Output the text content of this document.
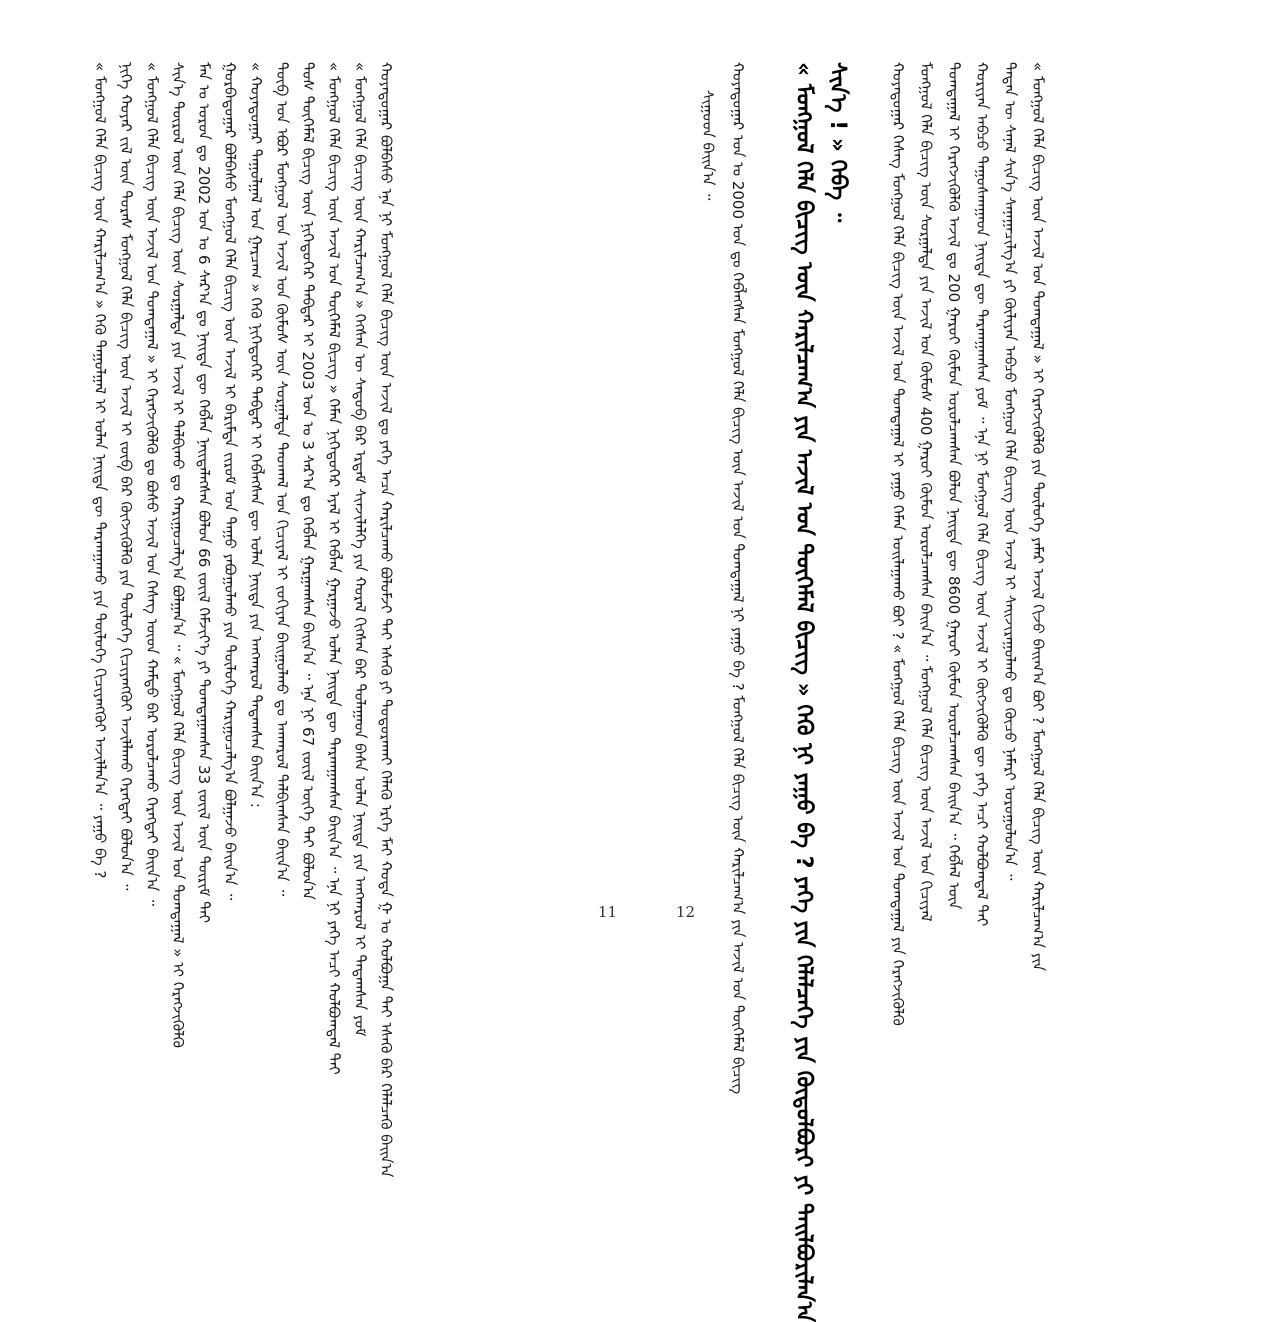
« ᠮᠣᠩᠭᠣᠯ ᠬᠡᠯᠡ ᠪᠢᠴᠢᠭ ᠦᠨ ᠬᠠᠷᠢᠯᠴᠠᠭ᠎ᠠ » ᠭᠡᠬᠦ ᠳᠠᠭᠤᠯᠭᠠᠯ ᠢ ᠣᠯᠠᠨ ᠨᠡᠢᠲᠡ ᠳᠦ ᠲᠠᠷᠬᠠᠭᠠᠬᠤ ᠶᠢᠨ ᠲᠥᠯᠥᠭᠡ ᠬᠢᠴᠢᠶᠡᠩᠭᠦᠢ ᠠᠵᠢᠯᠯᠠᠨ᠎ᠠ ᠃ ᠶᠠᠭᠤ ᠪᠡ ? ᠨᠢᠭᠡ ᠬᠣᠶᠠᠷ ᠵᠢᠯ ᠦᠨ ᠳᠤᠷᠠᠰ ᠮᠣᠩᠭᠣᠯ ᠬᠡᠯᠡ ᠪᠢᠴᠢᠭ ᠦᠨ ᠠᠵᠢᠯ ᠢ ᠵᠥᠪ ᠪᠡᠷ ᠬᠥᠭᠵᠢᠭᠦᠯᠬᠦ ᠶᠢᠨ ᠲᠥᠯᠥᠭᠡ ᠬᠢᠴᠢᠶᠡᠩᠭᠦᠢ ᠠᠵᠢᠯᠯᠠᠬᠤ ᠬᠡᠷᠡᠭᠲᠡᠢ ᠪᠣᠯᠤᠨ᠎ᠠ ᠃ « ᠮᠣᠩᠭᠣᠯ ᠬᠡᠯᠡ ᠪᠢᠴᠢᠭ ᠦᠨ ᠠᠵᠢᠯ ᠤᠨ ᠲᠣᠭᠲᠠᠭᠠᠯ » ᠢ ᠬᠡᠷᠡᠭᠵᠢᠭᠦᠯᠬᠦ ᠳᠤ ᠪᠤᠰᠤ ᠠᠵᠢᠯ ᠤᠨ ᠬᠡᠰᠡᠭ ᠦᠳ ᠬᠠᠮᠲᠤ ᠪᠠᠷ ᠣᠷᠣᠯᠴᠠᠬᠤ ᠬᠡᠷᠡᠭᠲᠡᠢ ᠪᠠᠢᠨ᠎ᠠ ᠃ ᠰᠢᠨ᠎ᠡ ᠲᠥᠷᠥᠯ ᠦᠨ ᠬᠡᠯᠡ ᠪᠢᠴᠢᠭ ᠦᠨ ᠰᠤᠷᠭᠠᠯᠲᠠ ᠶᠢᠨ ᠠᠵᠢᠯ ᠢ ᠲᠠᠯᠪᠢᠬᠤ ᠳᠤ ᠬᠠᠷᠢᠭᠤᠴᠠᠯᠭ᠎ᠠ ᠪᠣᠯᠭᠠᠨ᠎ᠠ ᠃ « ᠮᠣᠩᠭᠣᠯ ᠬᠡᠯᠡ ᠪᠢᠴᠢᠭ ᠦᠨ ᠠᠵᠢᠯ ᠤᠨ ᠲᠣᠭᠲᠠᠭᠠᠯ » ᠢ ᠬᠡᠷᠡᠭᠵᠢᠭᠦᠯᠬᠦ ᠮᠠᠨ ᠤ ᠣᠷᠣᠨ ᠳᠤ 2002 ᠣᠨ ᠤ 6 ᠰᠠᠷ᠎ᠠ ᠳᠤ ᠨᠡᠢᠲᠡ ᠳᠦ ᠬᠡᠪᠯᠡᠨ ᠨᠡᠢᠲᠡᠯᠡᠭᠰᠡᠨ ᠪᠣᠯᠤᠨ 66 ᠵᠦᠢᠯ ᠬᠡᠮᠵᠢᠶ᠎ᠡ ᠶᠢ ᠲᠣᠭᠲᠠᠭᠠᠭᠰᠠᠨ 33 ᠵᠦᠢᠯ ᠦᠨ ᠳᠦᠷᠢᠮ ᠲᠠᠢ ᠭᠤᠷᠪᠠᠳᠤᠭᠠᠷ ᠪᠣᠯᠪᠠᠰᠤ ᠮᠣᠩᠭᠣᠯ ᠬᠡᠯᠡ ᠪᠢᠴᠢᠭ ᠦᠨ ᠠᠵᠢᠯ ᠢ ᠪᠠᠷᠢᠮᠲᠠ ᠵᠢᠷᠤᠮ ᠤᠨ ᠳᠠᠭᠤ ᠶᠠᠪᠤᠭᠤᠯᠬᠤ ᠶᠢᠨ ᠲᠥᠯᠥᠭᠡ ᠬᠠᠷᠢᠭᠤᠴᠠᠯᠭ᠎ᠠ ᠪᠣᠯᠭᠠᠵᠤ ᠪᠠᠢᠨ᠎ᠠ ᠃ « ᠬᠣᠶᠠᠳᠤᠭᠠᠷ ᠳᠠᠭᠤᠯᠭᠠᠯ ᠤᠨ ᠭᠠᠷᠴᠠᠭ » ᠭᠡᠬᠦ ᠨᠢᠭᠡᠳᠦᠭᠡᠷ ᠳᠡᠪᠲᠡᠷ ᠢ ᠬᠡᠪᠯᠡᠭᠰᠡᠨ ᠳᠦ ᠣᠯᠠᠨ ᠨᠡᠢᠲᠡ ᠶᠢᠨ ᠠᠨᠭᠬᠠᠷᠤᠯ ᠲᠠᠲᠠᠭᠰᠠᠨ ᠪᠠᠢᠨ᠎ᠠ : ᠲᠦᠪ ᠤᠨ ᠡᠪᠦᠷ ᠮᠣᠩᠭᠣᠯ ᠤᠨ ᠠᠵᠢᠯ ᠤᠨ ᠬᠦᠮᠦᠰ ᠦᠨ ᠰᠤᠷᠭᠠᠯᠲᠠ ᠳᠠᠳᠬᠠᠯ ᠤᠨ ᠬᠢᠴᠢᠶᠡᠯ ᠢ ᠵᠣᠬᠢᠶᠠᠨ ᠪᠠᠢᠭᠤᠯᠬᠤ ᠳᠤ ᠠᠨᠬᠠᠷᠤᠯ ᠲᠠᠯᠪᠢᠭᠰᠠᠨ ᠪᠠᠢᠨ᠎ᠠ ᠃ ᠲᠤᠰ ᠲᠦᠭᠡᠮᠡᠯ ᠪᠢᠴᠢᠭ ᠦᠨ ᠨᠢᠭᠡᠳᠦᠭᠡᠷ ᠳᠡᠪᠲᠡᠷ ᠢ 2003 ᠣᠨ ᠤ 3 ᠰᠠᠷ᠎ᠠ ᠳᠤ ᠬᠡᠪᠯᠡᠨ ᠭᠠᠷᠭᠠᠭᠰᠠᠨ ᠪᠠᠢᠨ᠎ᠠ ᠃ ᠡᠨᠡ ᠨᠢ 67 ᠵᠦᠢᠯ ᠦᠭᠡ ᠲᠠᠢ ᠪᠣᠯᠤᠨ᠎ᠠ « ᠮᠣᠩᠭᠣᠯ ᠬᠡᠯᠡ ᠪᠢᠴᠢᠭ ᠦᠨ ᠠᠵᠢᠯ ᠤᠨ ᠲᠦᠭᠡᠮᠡᠯ ᠪᠢᠴᠢᠭ » ᠬᠡᠮᠡᠨ ᠨᠢᠭᠡᠳᠦᠭᠡᠷ ᠡᠶᠡᠯ ᠢ ᠬᠡᠪᠯᠡᠨ ᠭᠠᠷᠭᠠᠵᠤ ᠣᠯᠠᠨ ᠨᠡᠢᠲᠡ ᠳᠦ ᠲᠠᠷᠬᠠᠭᠠᠭᠰᠠᠨ ᠪᠠᠢᠨ᠎ᠠ ᠃ ᠡᠨᠡ ᠨᠢ ᠶᠡᠬᠡ ᠠᠴᠢ ᠬᠣᠯᠪᠣᠭᠳᠠᠯ ᠲᠠᠢ « ᠮᠣᠩᠭᠣᠯ ᠬᠡᠯᠡ ᠪᠢᠴᠢᠭ ᠦᠨ ᠬᠠᠷᠢᠯᠴᠠᠭ᠎ᠠ » ᠭᠡᠭᠰᠡᠨ ᠦ ᠰᠡᠳᠦᠪ ᠪᠡᠷ ᠡᠷᠳᠡᠮ ᠰᠢᠨᠵᠢᠯᠡᠯᠭᠡ ᠶᠢᠨ ᠬᠤᠷᠠᠯ ᠬᠢᠭᠰᠡᠨ ᠪᠡᠷ ᠲᠤᠯᠠᠭᠠᠳ ᠪᠠᠰᠠ ᠣᠯᠠᠨ ᠨᠡᠢᠲᠡ ᠶᠢᠨ ᠠᠨᠭᠬᠠᠷᠤᠯ ᠢ ᠲᠠᠲᠠᠭᠰᠠᠨ ᠶᠤᠮ ᠬᠣᠶᠠᠳᠤᠭᠠᠷ ᠪᠣᠯᠪᠠᠰᠤ ᠡᠨᠡ ᠨᠢ ᠮᠣᠩᠭᠣᠯ ᠬᠡᠯᠡ ᠪᠢᠴᠢᠭ ᠦᠨ ᠠᠵᠢᠯ ᠳᠤ ᠶᠡᠬᠡ ᠠᠴᠠ ᠬᠠᠷᠢᠯᠴᠠᠬᠤ ᠪᠣᠯᠤᠮᠵᠢ ᠲᠠᠢ ᠡᠰᠡᠬᠦ ᠶᠢ ᠲᠣᠳᠣᠷᠠᠬᠠᠢ ᠬᠡᠯᠡᠬᠦ ᠡᠷᠬᠡ ᠮᠠᠢ ᠬᠣᠳᠠ ᠭ ᠤ ᠬᠣᠯᠪᠣᠭᠠ ᠲᠠᠢ ᠡᠰᠡᠬᠦ ᠪᠠᠷ ᠬᠡᠯᠡᠯᠴᠡᠬᠦ ᠪᠠᠢᠨ᠎ᠠ	11
ᠰᠢᠭᠤᠳ ᠪᠠᠢᠨ᠎ᠠ ᠃ ᠬᠣᠶᠠᠳᠤᠭᠠᠷ ᠣᠨ ᠤ 2000 ᠣᠨ ᠳᠤ ᠬᠡᠪᠯᠡᠭᠰᠡᠨ ᠮᠣᠩᠭᠣᠯ ᠬᠡᠯᠡ ᠪᠢᠴᠢᠭ ᠦᠨ ᠠᠵᠢᠯ ᠤᠨ ᠲᠣᠭᠲᠠᠭᠠᠯ ᠨᠢ ᠶᠠᠭᠤ ᠪᠡ ? ᠮᠣᠩᠭᠣᠯ ᠬᠡᠯᠡ ᠪᠢᠴᠢᠭ ᠦᠨ ᠬᠠᠷᠢᠯᠴᠠᠭ᠎ᠠ ᠶᠢᠨ ᠠᠵᠢᠯ ᠤᠨ ᠲᠦᠭᠡᠮᠡᠯ ᠪᠢᠴᠢᠭ « ᠮᠣᠩᠭᠣᠯ ᠬᠡᠯᠡ ᠪᠢᠴᠢᠭ ᠦᠨ ᠬᠠᠷᠢᠯᠴᠠᠭ᠎ᠠ ᠶᠢᠨ ᠠᠵᠢᠯ ᠤᠨ ᠲᠦᠭᠡᠮᠡᠯ ᠪᠢᠴᠢᠭ » ᠭᠡᠬᠦ ᠨᠢ ᠶᠠᠭᠤ ᠪᠡ ? ᠶᠡᠬᠡ ᠶᠢᠨ ᠬᠡᠯᠡᠯᠴᠡᠭᠡ ᠶᠢᠨ ᠬᠥᠲᠦᠯᠪᠦᠷᠢ ᠶᠢ ᠲᠠᠢᠯᠪᠤᠷᠢᠯᠠᠨ᠎ᠠ ᠰᠢᠨ᠎ᠡ ! » ᠭᠡᠪᠡ ᠃	ᠬᠣᠶᠠᠳᠤᠭᠠᠷ ᠬᠡᠰᠡᠭ ᠮᠣᠩᠭᠣᠯ ᠬᠡᠯᠡ ᠪᠢᠴᠢᠭ ᠦᠨ ᠠᠵᠢᠯ ᠤᠨ ᠲᠣᠭᠲᠠᠭᠠᠯ ᠢ ᠶᠠᠭᠤ ᠬᠡᠮᠡᠨ ᠣᠢᠯᠠᠭᠠᠬᠤ ᠪᠤᠢ ? « ᠮᠣᠩᠭᠣᠯ ᠬᠡᠯᠡ ᠪᠢᠴᠢᠭ ᠦᠨ ᠠᠵᠢᠯ ᠤᠨ ᠲᠣᠭᠲᠠᠭᠠᠯ ᠶᠢᠨ ᠬᠡᠷᠡᠭᠵᠢᠭᠦᠯᠬᠦ ᠮᠣᠩᠭᠣᠯ ᠬᠡᠯᠡ ᠪᠢᠴᠢᠭ ᠦᠨ ᠰᠤᠷᠭᠠᠯᠲᠠ ᠶᠢᠨ ᠠᠵᠢᠯ ᠤᠨ ᠬᠦᠮᠦᠰ 400 ᠭᠠᠷᠤᠢ ᠬᠦᠮᠦᠨ ᠣᠷᠣᠯᠴᠠᠭᠰᠠᠨ ᠪᠠᠢᠨ᠎ᠠ ᠃ ᠮᠣᠩᠭᠣᠯ ᠬᠡᠯᠡ ᠪᠢᠴᠢᠭ ᠦᠨ ᠠᠵᠢᠯ ᠤᠨ ᠬᠢᠴᠢᠶᠡᠯ ᠲᠣᠭᠲᠠᠭᠠᠯ ᠢ ᠬᠡᠷᠡᠭᠵᠢᠭᠦᠯᠬᠦ ᠠᠵᠢᠯ ᠳᠤ 200 ᠭᠠᠷᠤᠢ ᠬᠦᠮᠦᠨ ᠣᠷᠣᠯᠴᠠᠭᠰᠠᠨ ᠪᠣᠯᠤᠨ ᠨᠡᠢᠲᠡ ᠳᠦ 8600 ᠭᠠᠷᠤᠢ ᠬᠦᠮᠦᠨ ᠣᠷᠣᠯᠴᠠᠭᠰᠠᠨ ᠪᠠᠢᠨ᠎ᠠ ᠃ ᠬᠡᠪᠯᠡᠯ ᠦᠨ ᠬᠣᠷᠢᠶᠠᠨ ᠠᠪᠴᠤ ᠳᠠᠭᠤᠰᠬᠠᠭᠠᠳ ᠨᠡᠢᠲᠡ ᠳᠦ ᠲᠠᠷᠬᠠᠭᠠᠭᠰᠠᠨ ᠶᠤᠮ ᠃ ᠡᠨᠡ ᠨᠢ ᠮᠣᠩᠭᠣᠯ ᠬᠡᠯᠡ ᠪᠢᠴᠢᠭ ᠦᠨ ᠠᠵᠢᠯ ᠢ ᠬᠥᠭᠵᠢᠭᠦᠯᠬᠦ ᠳᠦ ᠶᠡᠬᠡ ᠠᠴᠢ ᠬᠣᠯᠪᠣᠭᠳᠠᠯ ᠲᠠᠢ ᠲᠡᠳᠡᠨ ᠦ ᠰᠠᠨᠠᠯ ᠰᠢᠨ᠎ᠡ ᠰᠠᠨᠠᠭᠠᠴᠢᠯᠭ᠎ᠠ ᠶᠢ ᠬᠦᠯᠢᠶᠡᠨ ᠠᠪᠴᠤ ᠮᠣᠩᠭᠣᠯ ᠬᠡᠯᠡ ᠪᠢᠴᠢᠭ ᠦᠨ ᠠᠵᠢᠯ ᠢ ᠰᠠᠢᠵᠢᠷᠠᠭᠤᠯᠬᠤ ᠳᠤ ᠬᠦᠴᠦ ᠨᠡᠮᠡᠷᠢ ᠣᠷᠣᠭᠤᠯᠤᠨ᠎ᠠ ᠃ « ᠮᠣᠩᠭᠣᠯ ᠬᠡᠯᠡ ᠪᠢᠴᠢᠭ ᠦᠨ ᠠᠵᠢᠯ ᠤᠨ ᠲᠣᠭᠲᠠᠭᠠᠯ » ᠢ ᠬᠡᠷᠡᠭᠵᠢᠭᠦᠯᠬᠦ ᠶᠢᠨ ᠲᠥᠯᠥᠭᠡ ᠶᠠᠮᠠᠷ ᠠᠵᠢᠯ ᠬᠢᠵᠦ ᠪᠠᠢᠭ᠎ᠠ ᠪᠤᠢ ? ᠮᠣᠩᠭᠣᠯ ᠬᠡᠯᠡ ᠪᠢᠴᠢᠭ ᠦᠨ ᠬᠠᠷᠢᠯᠴᠠᠭ᠎ᠠ ᠶᠢᠨ
12
